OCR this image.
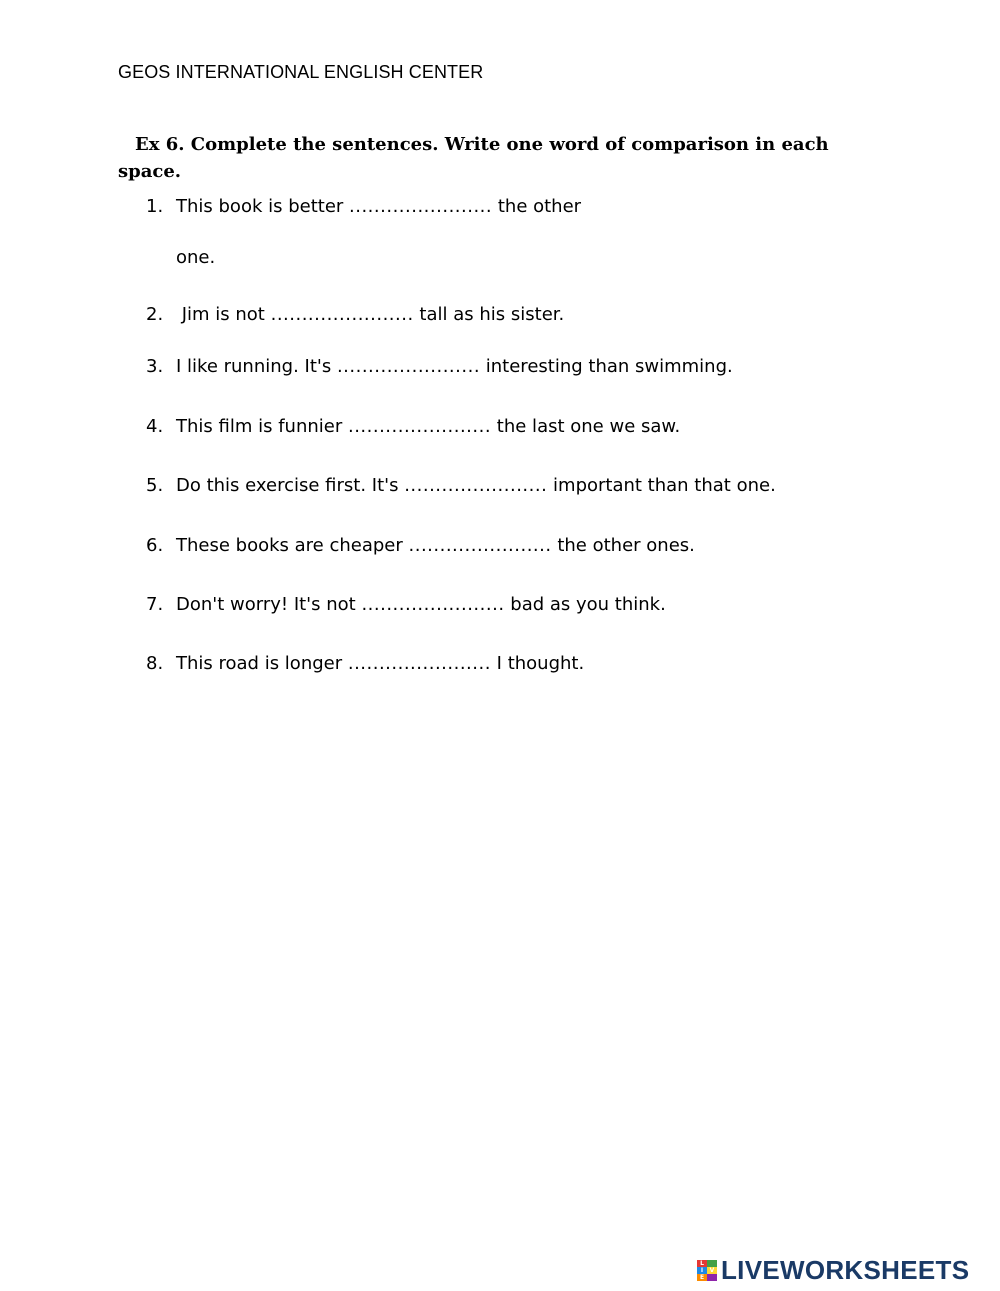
GEOS INTERNATIONAL ENGLISH CENTER
Ex 6. Complete the sentences. Write one word of comparison in each space.
1. This book is better ....................... the other
one.
2. Jim is not ....................... tall as his sister.
3. I like running. It's ....................... interesting than swimming.
4. This film is funnier ....................... the last one we saw.
5. Do this exercise first. It's ....................... important than that one.
6. These books are cheaper ....................... the other ones.
7. Don't worry! It's not ....................... bad as you think.
8. This road is longer ....................... I thought.
L
I	V
E LIVEWORKSHEETS
